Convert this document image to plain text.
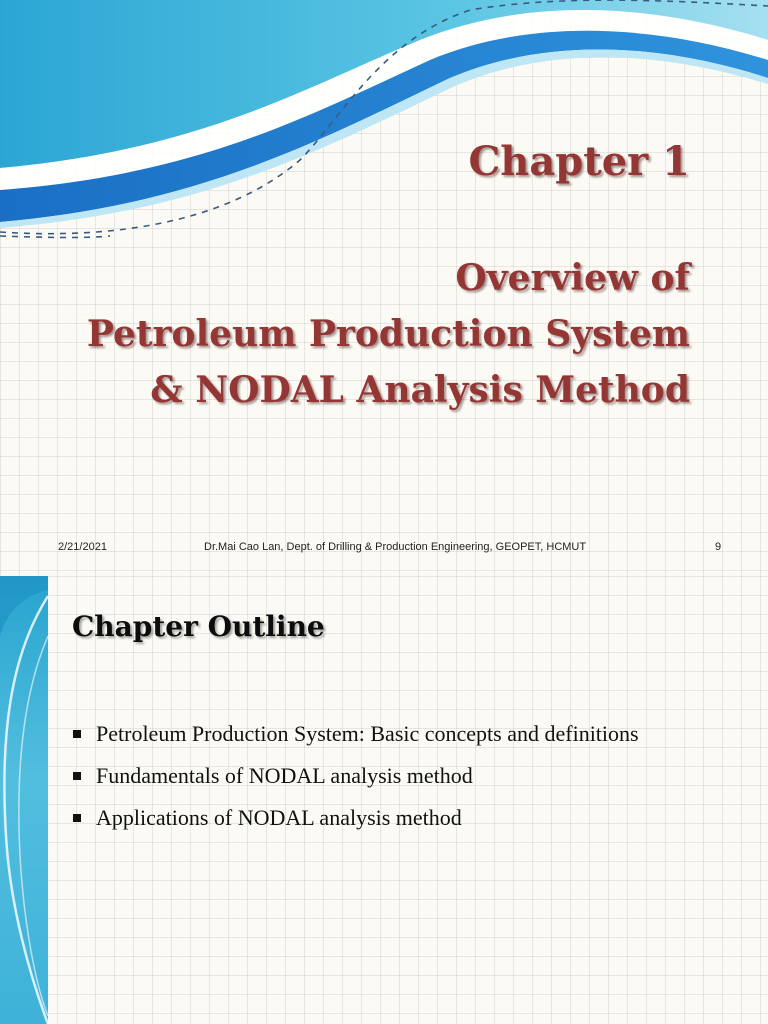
Chapter 1
Overview of
Petroleum Production System
& NODAL Analysis Method
2/21/2021	Dr.Mai Cao Lan, Dept. of Drilling & Production Engineering, GEOPET, HCMUT	9
Chapter Outline
Petroleum Production System: Basic concepts and definitions
Fundamentals of NODAL analysis method
Applications of NODAL analysis method
